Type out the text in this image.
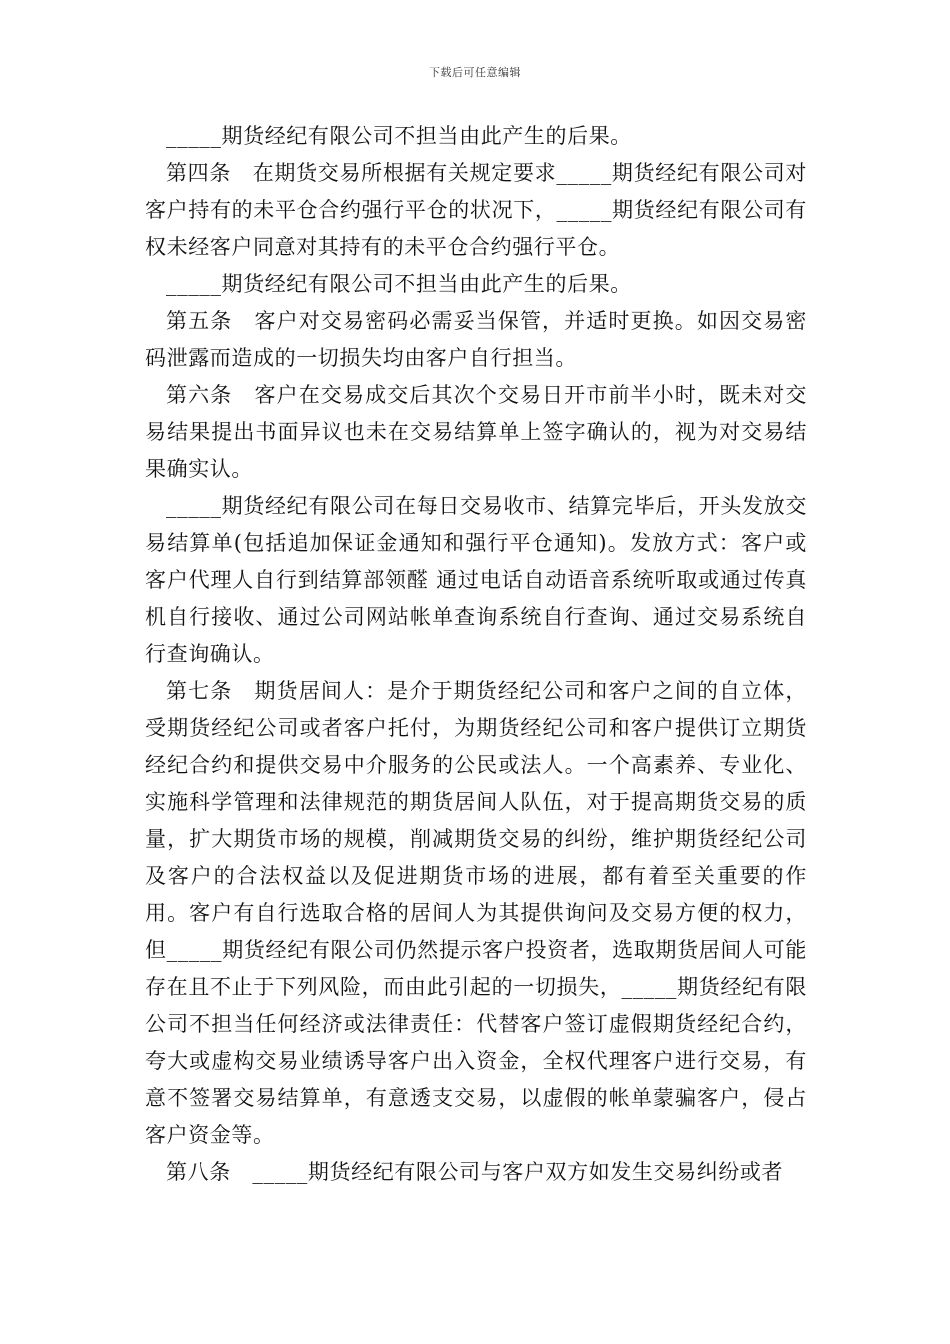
下载后可任意编辑

_____期货经纪有限公司不担当由此产生的后果。

第四条　在期货交易所根据有关规定要求_____期货经纪有限公司对客户持有的未平仓合约强行平仓的状况下，_____期货经纪有限公司有权未经客户同意对其持有的未平仓合约强行平仓。

_____期货经纪有限公司不担当由此产生的后果。

第五条　客户对交易密码必需妥当保管，并适时更换。如因交易密码泄露而造成的一切损失均由客户自行担当。

第六条　客户在交易成交后其次个交易日开市前半小时，既未对交易结果提出书面异议也未在交易结算单上签字确认的，视为对交易结果确实认。

_____期货经纪有限公司在每日交易收市、结算完毕后，开头发放交易结算单(包括追加保证金通知和强行平仓通知)。发放方式：客户或客户代理人自行到结算部领醛 通过电话自动语音系统听取或通过传真机自行接收、通过公司网站帐单查询系统自行查询、通过交易系统自行查询确认。

第七条　期货居间人：是介于期货经纪公司和客户之间的自立体，受期货经纪公司或者客户托付，为期货经纪公司和客户提供订立期货经纪合约和提供交易中介服务的公民或法人。一个高素养、专业化、实施科学管理和法律规范的期货居间人队伍，对于提高期货交易的质量，扩大期货市场的规模，削减期货交易的纠纷，维护期货经纪公司及客户的合法权益以及促进期货市场的进展，都有着至关重要的作用。客户有自行选取合格的居间人为其提供询问及交易方便的权力，但_____期货经纪有限公司仍然提示客户投资者，选取期货居间人可能存在且不止于下列风险，而由此引起的一切损失，_____期货经纪有限公司不担当任何经济或法律责任：代替客户签订虚假期货经纪合约，夸大或虚构交易业绩诱导客户出入资金，全权代理客户进行交易，有意不签署交易结算单，有意透支交易，以虚假的帐单蒙骗客户，侵占客户资金等。

第八条　_____期货经纪有限公司与客户双方如发生交易纠纷或者
